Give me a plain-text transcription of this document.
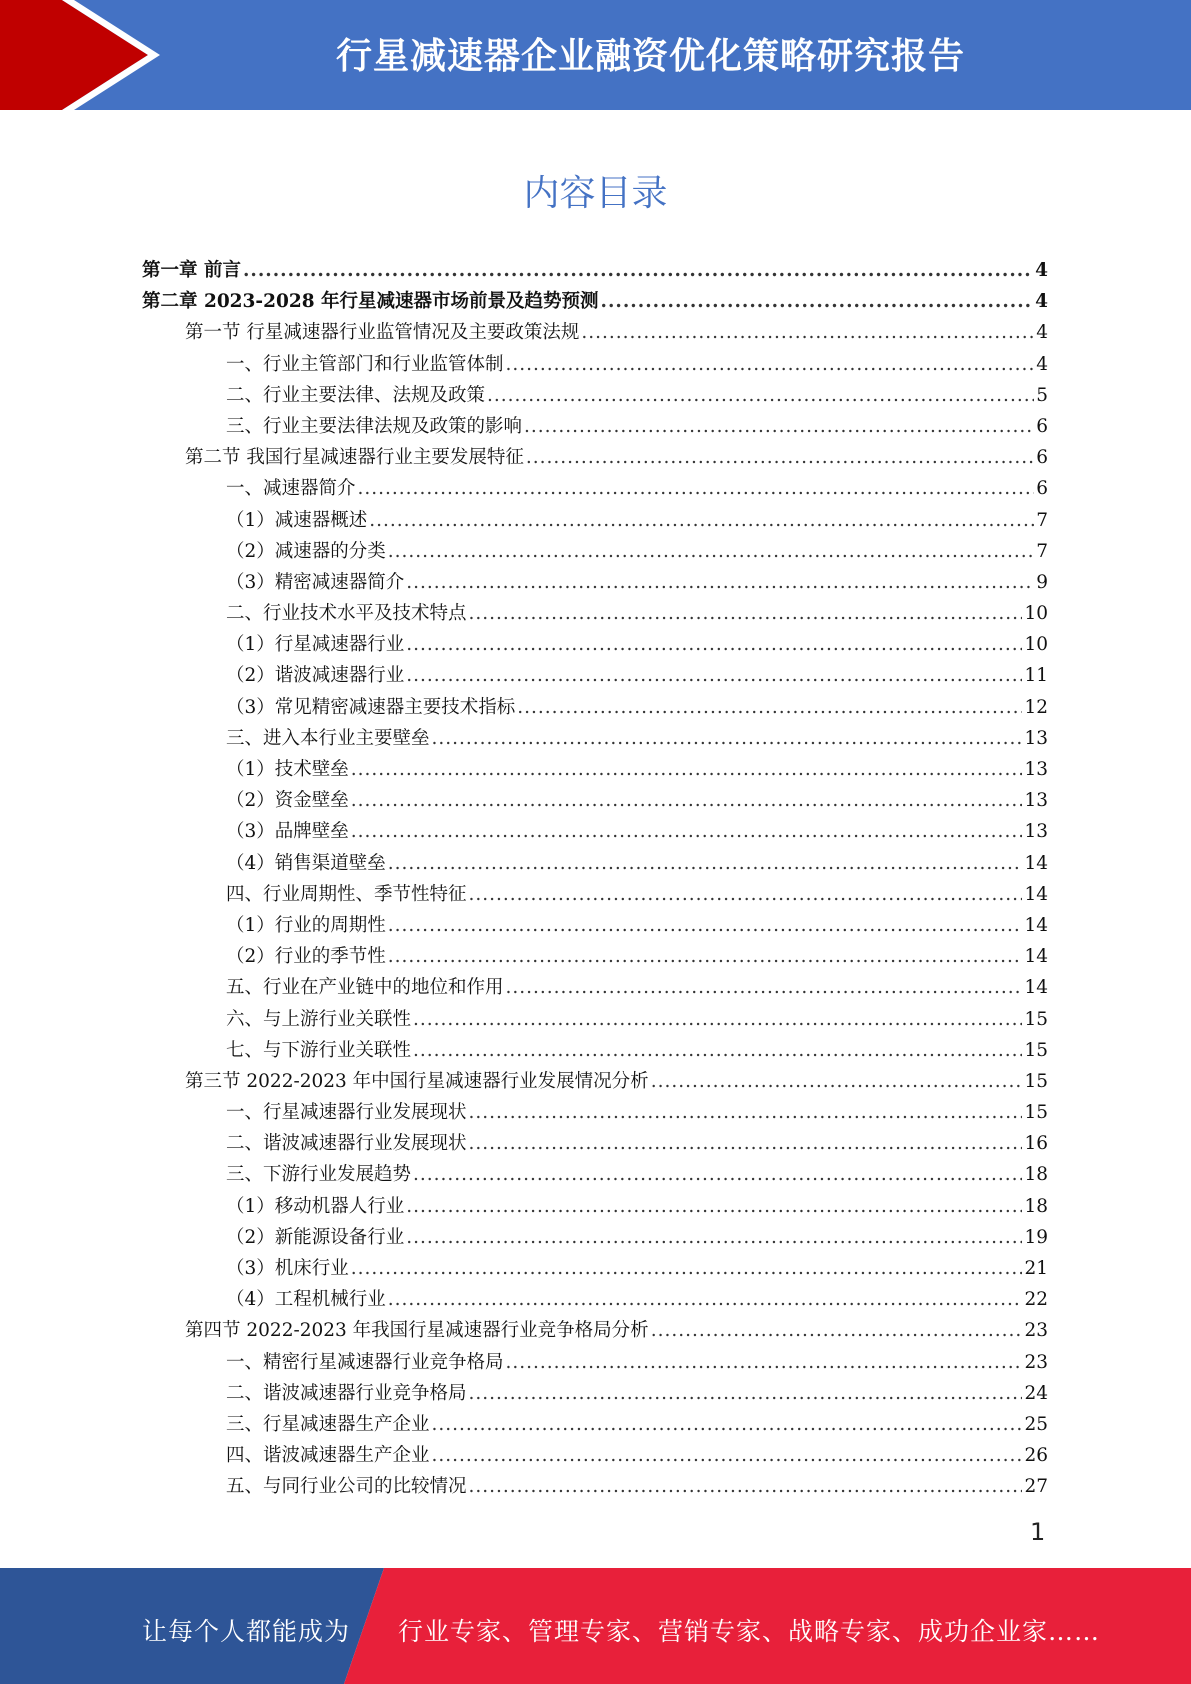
行星减速器企业融资优化策略研究报告
内容目录
第一章 前言 .....	4
第二章 2023-2028 年行星减速器市场前景及趋势预测 .....	4
第一节 行星减速器行业监管情况及主要政策法规 .....	4
一、行业主管部门和行业监管体制 .....	4
二、行业主要法律、法规及政策 .....	5
三、行业主要法律法规及政策的影响 .....	6
第二节 我国行星减速器行业主要发展特征 .....	6
一、减速器简介 .....	6
（1）减速器概述 .....	7
（2）减速器的分类 .....	7
（3）精密减速器简介 .....	9
二、行业技术水平及技术特点 .....	10
（1）行星减速器行业 .....	10
（2）谐波减速器行业 .....	11
（3）常见精密减速器主要技术指标 .....	12
三、进入本行业主要壁垒 .....	13
（1）技术壁垒 .....	13
（2）资金壁垒 .....	13
（3）品牌壁垒 .....	13
（4）销售渠道壁垒 .....	14
四、行业周期性、季节性特征 .....	14
（1）行业的周期性 .....	14
（2）行业的季节性 .....	14
五、行业在产业链中的地位和作用 .....	14
六、与上游行业关联性 .....	15
七、与下游行业关联性 .....	15
第三节 2022-2023 年中国行星减速器行业发展情况分析 .....	15
一、行星减速器行业发展现状 .....	15
二、谐波减速器行业发展现状 .....	16
三、下游行业发展趋势 .....	18
（1）移动机器人行业 .....	18
（2）新能源设备行业 .....	19
（3）机床行业 .....	21
（4）工程机械行业 .....	22
第四节 2022-2023 年我国行星减速器行业竞争格局分析 .....	23
一、精密行星减速器行业竞争格局 .....	23
二、谐波减速器行业竞争格局 .....	24
三、行星减速器生产企业 .....	25
四、谐波减速器生产企业 .....	26
五、与同行业公司的比较情况 .....	27
1
让每个人都能成为 行业专家、管理专家、营销专家、战略专家、成功企业家……
